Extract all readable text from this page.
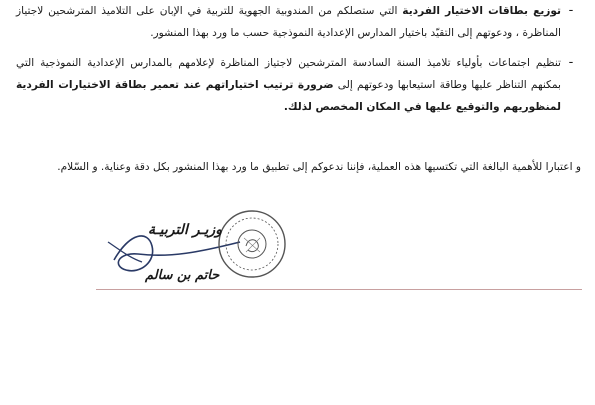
-
توزيع بطاقات الاختيار الفردية التي ستصلكم من المندوبية الجهوية للتربية في الإبان على التلاميذ المترشحين لاجتياز المناظرة ، ودعوتهم إلى التقيّد باختيار المدارس الإعدادية النموذجية حسب ما ورد بهذا المنشور.
-
تنظيم اجتماعات بأولياء تلاميذ السنة السادسة المترشحين لاجتياز المناظرة لإعلامهم بالمدارس الإعدادية النموذجية التي بمكنهم التناظر عليها وطاقة استيعابها ودعوتهم إلى ضرورة ترتيب اختياراتهم عند تعمير بطاقة الاختيارات الفردية لمنظوريهم والتوقيع عليها في المكان المخصص لذلك.
و اعتبارا للأهمية البالغة التي تكتسيها هذه العملية، فإننا ندعوكم إلى تطبيق ما ورد بهذا المنشور بكل دقة وعناية. و السّلام.
وزيـر التربيـة
حاتم بن سالم
